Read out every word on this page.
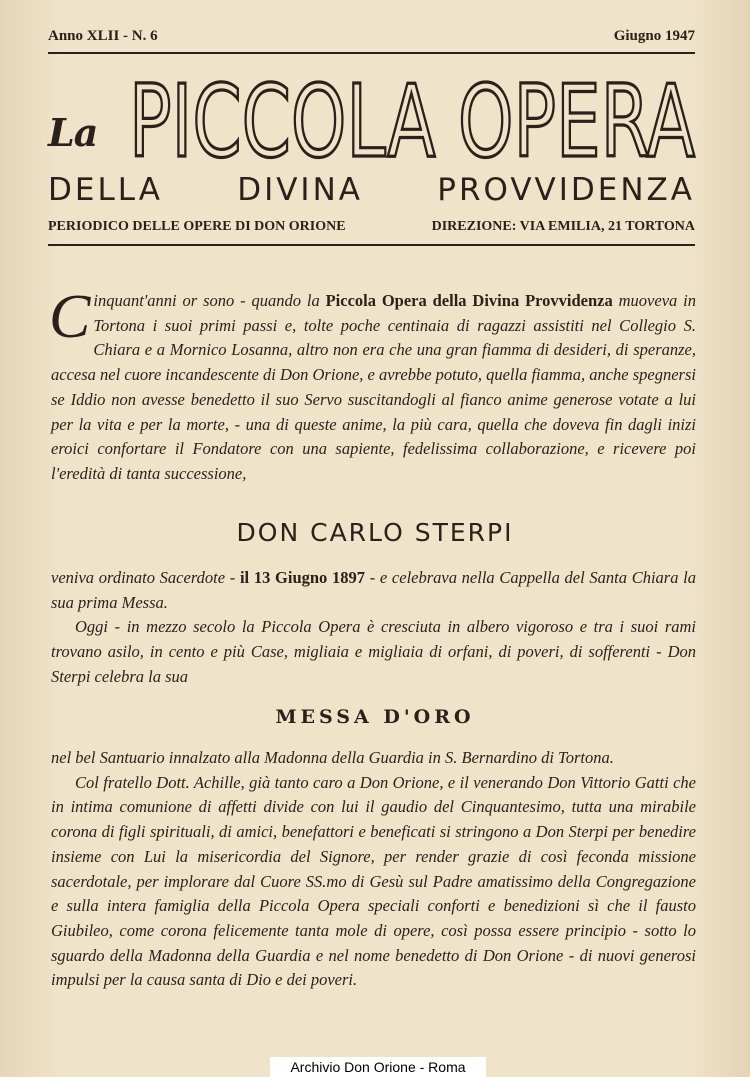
Anno XLII - N. 6	Giugno 1947
La PICCOLA OPERA
DELLA DIVINA PROVVIDENZA
PERIODICO DELLE OPERE DI DON ORIONE	DIREZIONE: VIA EMILIA, 21 TORTONA

Cinquant'anni or sono - quando la Piccola Opera della Divina Provvidenza muoveva in Tortona i suoi primi passi e, tolte poche centinaia di ragazzi assistiti nel Collegio S. Chiara e a Mornico Losanna, altro non era che una gran fiamma di desideri, di speranze, accesa nel cuore incandescente di Don Orione, e avrebbe potuto, quella fiamma, anche spegnersi se Iddio non avesse benedetto il suo Servo suscitandogli al fianco anime generose votate a lui per la vita e per la morte, - una di queste anime, la più cara, quella che doveva fin dagli inizi eroici confortare il Fondatore con una sapiente, fedelissima collaborazione, e ricevere poi l'eredità di tanta successione,

DON CARLO STERPI

veniva ordinato Sacerdote - il 13 Giugno 1897 - e celebrava nella Cappella del Santa Chiara la sua prima Messa.

Oggi - in mezzo secolo la Piccola Opera è cresciuta in albero vigoroso e tra i suoi rami trovano asilo, in cento e più Case, migliaia e migliaia di orfani, di poveri, di sofferenti - Don Sterpi celebra la sua

MESSA D'ORO

nel bel Santuario innalzato alla Madonna della Guardia in S. Bernardino di Tortona.

Col fratello Dott. Achille, già tanto caro a Don Orione, e il venerando Don Vittorio Gatti che in intima comunione di affetti divide con lui il gaudio del Cinquantesimo, tutta una mirabile corona di figli spirituali, di amici, benefattori e beneficati si stringono a Don Sterpi per benedire insieme con Lui la misericordia del Signore, per render grazie di così feconda missione sacerdotale, per implorare dal Cuore SS.mo di Gesù sul Padre amatissimo della Congregazione e sulla intera famiglia della Piccola Opera speciali conforti e benedizioni sì che il fausto Giubileo, come corona felicemente tanta mole di opere, così possa essere principio - sotto lo sguardo della Madonna della Guardia e nel nome benedetto di Don Orione - di nuovi generosi impulsi per la causa santa di Dio e dei poveri.

Archivio Don Orione - Roma
